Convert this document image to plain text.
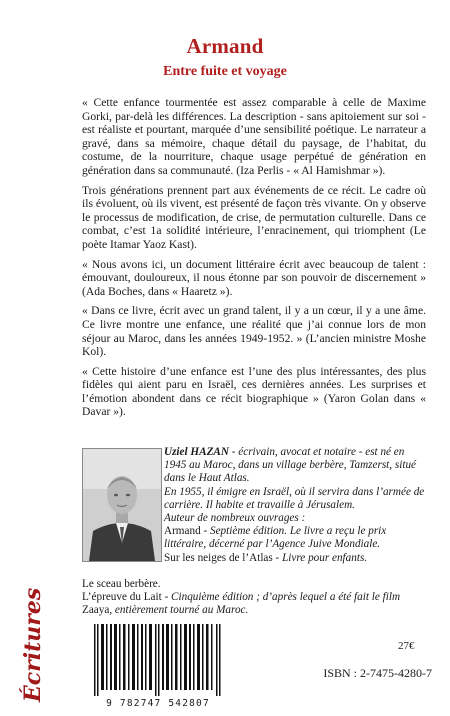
Armand
Entre fuite et voyage

« Cette enfance tourmentée est assez comparable à celle de Maxime Gorki, par-delà les différences. La description - sans apitoiement sur soi - est réaliste et pourtant, marquée d’une sensibilité poétique. Le narrateur a gravé, dans sa mémoire, chaque détail du paysage, de l’habitat, du costume, de la nourriture, chaque usage perpétué de génération en génération dans sa communauté. (Iza Perlis - « Al Hamishmar »).

Trois générations prennent part aux événements de ce récit. Le cadre où ils évoluent, où ils vivent, est présenté de façon très vivante. On y observe le processus de modification, de crise, de permutation culturelle. Dans ce combat, c’est 1a solidité intérieure, l’enracinement, qui triomphent (Le poète Itamar Yaoz Kast).

« Nous avons ici, un document littéraire écrit avec beaucoup de talent : émouvant, douloureux, il nous étonne par son pouvoir de discernement » (Ada Boches, dans « Haaretz »).

« Dans ce livre, écrit avec un grand talent, il y a un cœur, il y a une âme. Ce livre montre une enfance, une réalité que j’ai connue lors de mon séjour au Maroc, dans les années 1949-1952. » (L’ancien ministre Moshe Kol).

« Cette histoire d’une enfance est l’une des plus intéressantes, des plus fidèles qui aient paru en Israël, ces dernières années. Les surprises et l’émotion abondent dans ce récit biographique » (Yaron Golan dans « Davar »).

Uziel HAZAN - écrivain, avocat et notaire - est né en 1945 au Maroc, dans un village berbère, Tamzerst, situé dans le Haut Atlas.

En 1955, il émigre en Israël, où il servira dans l’armée de carrière. Il habite et travaille à Jérusalem.

Auteur de nombreux ouvrages :

Armand - Septième édition. Le livre a reçu le prix littéraire, décerné par l’Agence Juive Mondiale.

Sur les neiges de l’Atlas - Livre pour enfants.

Le sceau berbère.

L’épreuve du Lait - Cinquième édition ; d’après lequel a été fait le film Zaaya, entièrement tourné au Maroc.

Écritures
9 782747 542807
27€
ISBN : 2-7475-4280-7
